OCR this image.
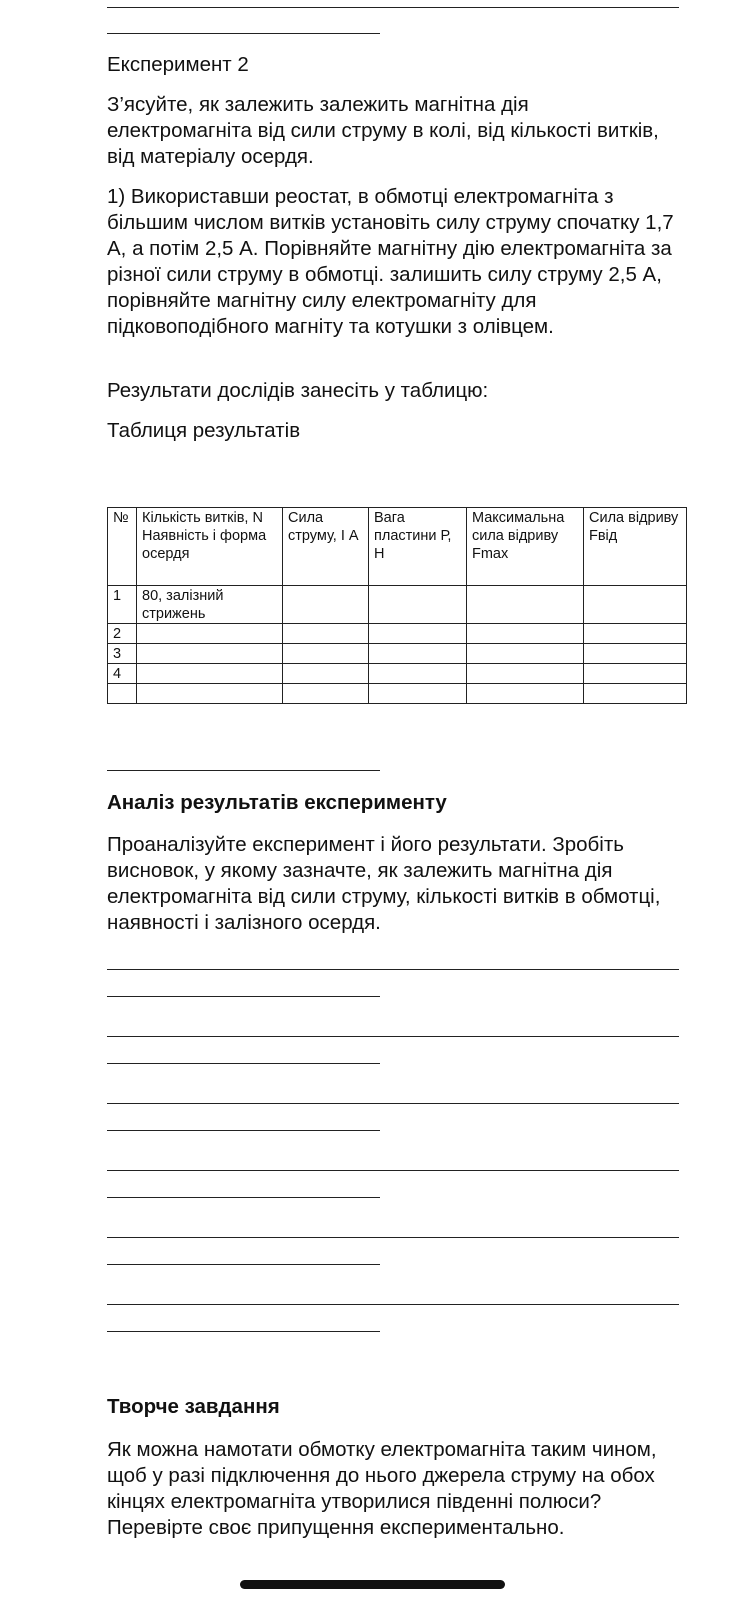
Експеримент 2

З’ясуйте, як залежить залежить магнітна дія електромагніта від сили струму в колі, від кількості витків, від матеріалу осердя.

1) Використавши реостат, в обмотці електромагніта з більшим числом витків установіть силу струму спочатку 1,7 А, а потім 2,5 А. Порівняйте магнітну дію електромагніта за різної сили струму в обмотці. залишить силу струму 2,5 А, порівняйте магнітну силу електромагніту для підковоподібного магніту та котушки з олівцем.

Результати дослідів занесіть у таблицю:

Таблиця результатів

№	Кількість витків, N Наявність і форма осердя	Сила струму, І А	Вага пластини Р, Н	Максимальна сила відриву Fmax	Сила відриву Fвід
1	80, залізний стрижень				
2					
3					
4					

Аналіз результатів експерименту

Проаналізуйте експеримент і його результати. Зробіть висновок, у якому зазначте, як залежить магнітна дія електромагніта від сили струму, кількості витків в обмотці, наявності і залізного осердя.

Творче завдання

Як можна намотати обмотку електромагніта таким чином, щоб у разі підключення до нього джерела струму на обох кінцях електромагніта утворилися південні полюси? Перевірте своє припущення експериментально.
